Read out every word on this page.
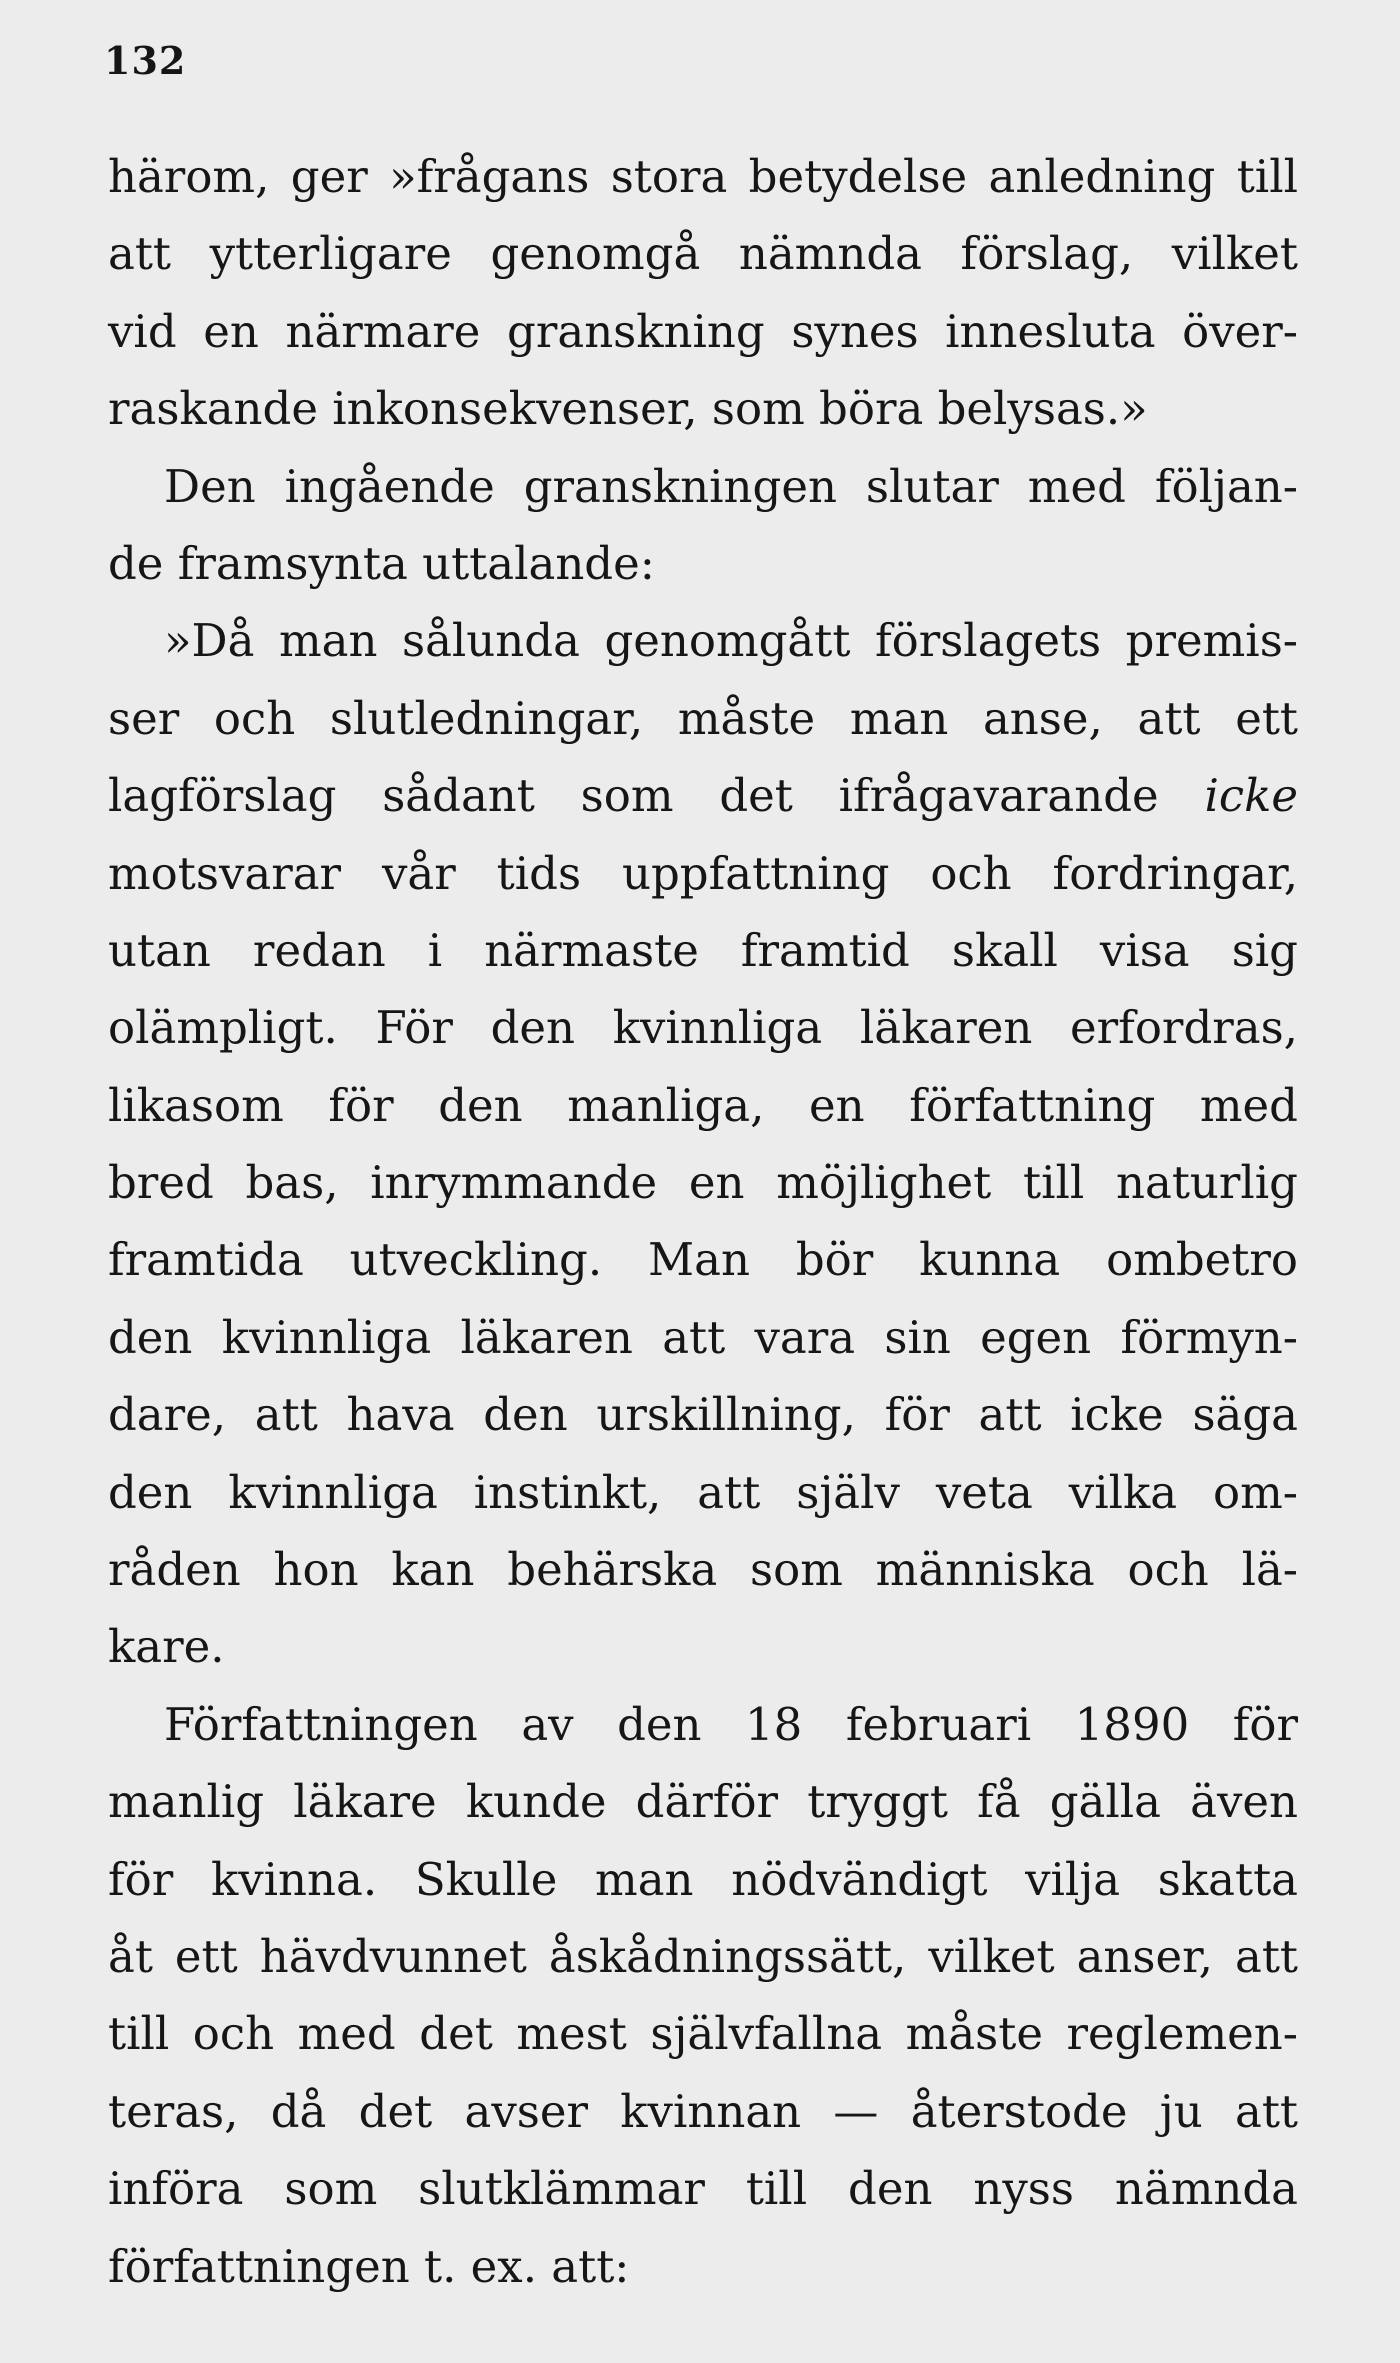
132
härom, ger »frågans stora betydelse anledning till
att ytterligare genomgå nämnda förslag, vilket
vid en närmare granskning synes innesluta över-
raskande inkonsekvenser, som böra belysas.»
Den ingående granskningen slutar med följan-
de framsynta uttalande:
»Då man sålunda genomgått förslagets premis-
ser och slutledningar, måste man anse, att ett
lagförslag sådant som det ifrågavarande icke
motsvarar vår tids uppfattning och fordringar,
utan redan i närmaste framtid skall visa sig
olämpligt. För den kvinnliga läkaren erfordras,
likasom för den manliga, en författning med
bred bas, inrymmande en möjlighet till naturlig
framtida utveckling. Man bör kunna ombetro
den kvinnliga läkaren att vara sin egen förmyn-
dare, att hava den urskillning, för att icke säga
den kvinnliga instinkt, att själv veta vilka om-
råden hon kan behärska som människa och lä-
kare.
Författningen av den 18 februari 1890 för
manlig läkare kunde därför tryggt få gälla även
för kvinna. Skulle man nödvändigt vilja skatta
åt ett hävdvunnet åskådningssätt, vilket anser, att
till och med det mest självfallna måste reglemen-
teras, då det avser kvinnan — återstode ju att
införa som slutklämmar till den nyss nämnda
författningen t. ex. att:
